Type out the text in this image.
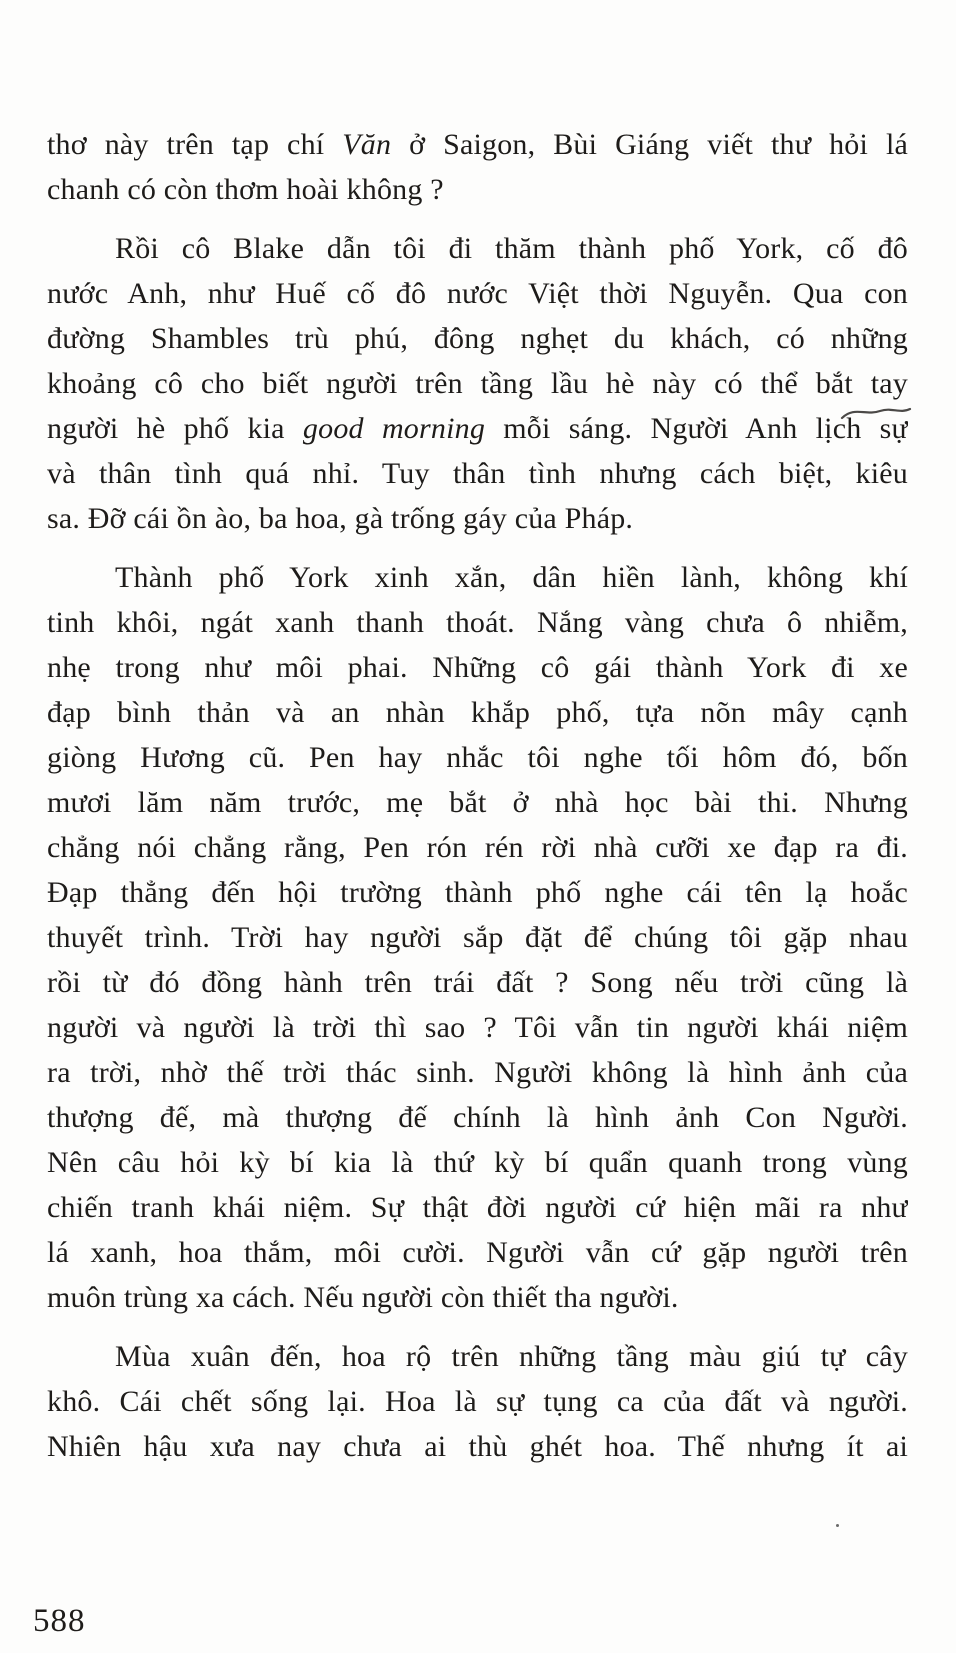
thơ này trên tạp chí Văn ở Saigon, Bùi Giáng viết thư hỏi lá
chanh có còn thơm hoài không ?
Rồi cô Blake dẫn tôi đi thăm thành phố York, cố đô
nước Anh, như Huế cố đô nước Việt thời Nguyễn. Qua con
đường Shambles trù phú, đông nghẹt du khách, có những
khoảng cô cho biết người trên tầng lầu hè này có thể bắt tay
người hè phố kia good morning mỗi sáng. Người Anh lịch sự
và thân tình quá nhỉ. Tuy thân tình nhưng cách biệt, kiêu
sa. Đỡ cái ồn ào, ba hoa, gà trống gáy của Pháp.
Thành phố York xinh xắn, dân hiền lành, không khí
tinh khôi, ngát xanh thanh thoát. Nắng vàng chưa ô nhiễm,
nhẹ trong như môi phai. Những cô gái thành York đi xe
đạp bình thản và an nhàn khắp phố, tựa nõn mây cạnh
giòng Hương cũ. Pen hay nhắc tôi nghe tối hôm đó, bốn
mươi lăm năm trước, mẹ bắt ở nhà học bài thi. Nhưng
chẳng nói chẳng rằng, Pen rón rén rời nhà cưỡi xe đạp ra đi.
Đạp thẳng đến hội trường thành phố nghe cái tên lạ hoắc
thuyết trình. Trời hay người sắp đặt để chúng tôi gặp nhau
rồi từ đó đồng hành trên trái đất ? Song nếu trời cũng là
người và người là trời thì sao ? Tôi vẫn tin người khái niệm
ra trời, nhờ thế trời thác sinh. Người không là hình ảnh của
thượng đế, mà thượng đế chính là hình ảnh Con Người.
Nên câu hỏi kỳ bí kia là thứ kỳ bí quẩn quanh trong vùng
chiến tranh khái niệm. Sự thật đời người cứ hiện mãi ra như
lá xanh, hoa thắm, môi cười. Người vẫn cứ gặp người trên
muôn trùng xa cách. Nếu người còn thiết tha người.
Mùa xuân đến, hoa rộ trên những tầng màu giú tự cây
khô. Cái chết sống lại. Hoa là sự tụng ca của đất và người.
Nhiên hậu xưa nay chưa ai thù ghét hoa. Thế nhưng ít ai
588
